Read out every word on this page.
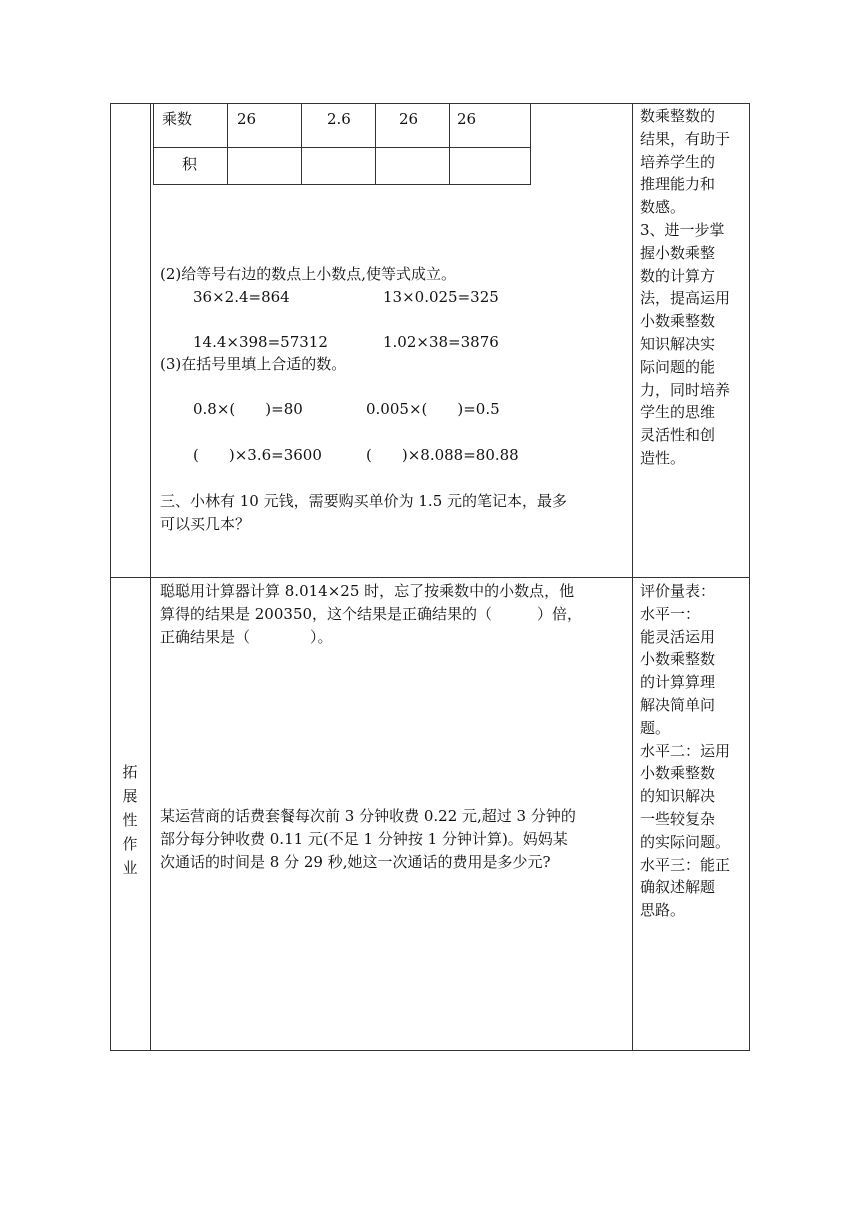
乘数	26	2.6	26	26
积
(2)给等号右边的数点上小数点,使等式成立。
36×2.4=864	13×0.025=325
14.4×398=57312	1.02×38=3876
(3)在括号里填上合适的数。
0.8×(　　)=80	0.005×(　　)=0.5
(　　)×3.6=3600	(　　)×8.088=80.88
三、小林有 10 元钱，需要购买单价为 1.5 元的笔记本，最多
可以买几本？
拓
展
性
作
业
聪聪用计算器计算 8.014×25 时，忘了按乘数中的小数点，他
算得的结果是 200350，这个结果是正确结果的（　　　）倍，
正确结果是（　　　　）。
某运营商的话费套餐每次前 3 分钟收费 0.22 元,超过 3 分钟的
部分每分钟收费 0.11 元(不足 1 分钟按 1 分钟计算)。妈妈某
次通话的时间是 8 分 29 秒,她这一次通话的费用是多少元?
数乘整数的
结果，有助于
培养学生的
推理能力和
数感。
3、进一步掌
握小数乘整
数的计算方
法，提高运用
小数乘整数
知识解决实
际问题的能
力，同时培养
学生的思维
灵活性和创
造性。
评价量表：
水平一：
能灵活运用
小数乘整数
的计算算理
解决简单问
题。
水平二：运用
小数乘整数
的知识解决
一些较复杂
的实际问题。
水平三：能正
确叙述解题
思路。
